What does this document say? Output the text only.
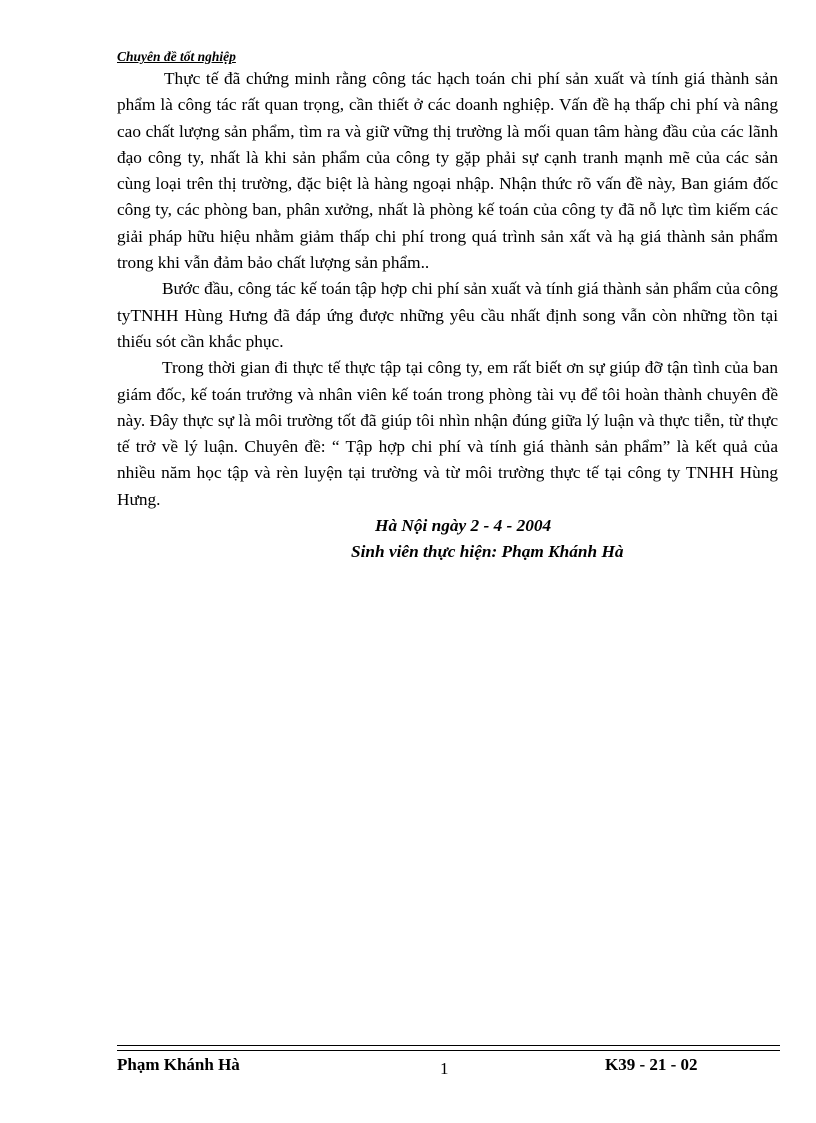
Chuyên đề tốt nghiệp

Thực tế đã chứng minh rằng công tác hạch toán chi phí sản xuất và tính giá thành sản phẩm là công tác rất quan trọng, cần thiết ở các doanh nghiệp. Vấn đề hạ thấp chi phí và nâng cao chất lượng sản phẩm, tìm ra và giữ vững thị trường là mối quan tâm hàng đầu của các lãnh đạo công ty, nhất là khi sản phẩm của công ty gặp phải sự cạnh tranh mạnh mẽ của các sản cùng loại trên thị trường, đặc biệt là hàng ngoại nhập. Nhận thức rõ vấn đề này, Ban giám đốc công ty, các phòng ban, phân xưởng, nhất là phòng kế toán của công ty đã nỗ lực tìm kiếm các giải pháp hữu hiệu nhằm giảm thấp chi phí trong quá trình sản xất và hạ giá thành sản phẩm trong khi vẫn đảm bảo chất lượng sản phẩm..

Bước đầu, công tác kế toán tập hợp chi phí sản xuất và tính giá thành sản phẩm của công tyTNHH Hùng Hưng đã đáp ứng được những yêu cầu nhất định song vẫn còn những tồn tại thiếu sót cần khắc phục.

Trong thời gian đi thực tế thực tập tại công ty, em rất biết ơn sự giúp đỡ tận tình của ban giám đốc, kế toán trưởng và nhân viên kế toán trong phòng tài vụ để tôi hoàn thành chuyên đề này. Đây thực sự là môi trường tốt đã giúp tôi nhìn nhận đúng giữa lý luận và thực tiễn, từ thực tế trở về lý luận. Chuyên đề: “ Tập hợp chi phí và tính giá thành sản phẩm” là kết quả của nhiều năm học tập và rèn luyện tại trường và từ môi trường thực tế tại công ty TNHH Hùng Hưng.

Hà Nội ngày 2 - 4 - 2004

Sinh viên thực hiện: Phạm Khánh Hà

Phạm Khánh Hà	1	K39 - 21 - 02
